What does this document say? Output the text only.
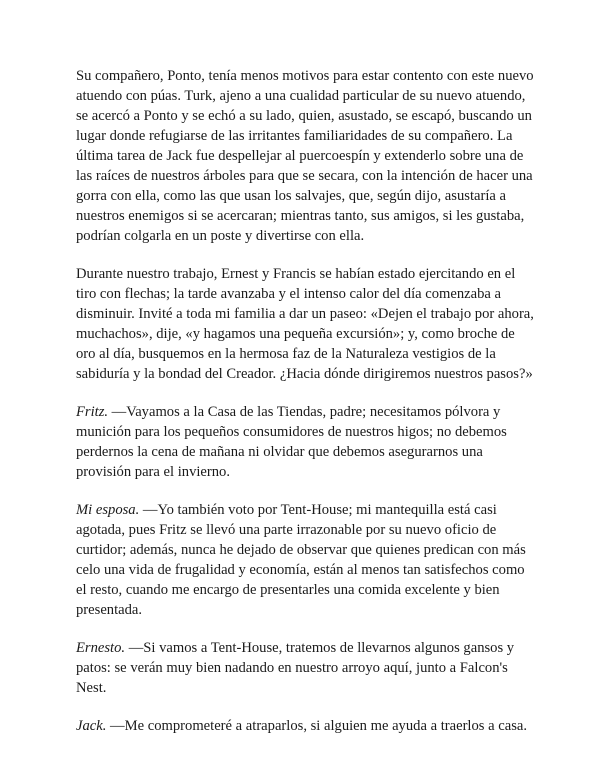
Su compañero, Ponto, tenía menos motivos para estar contento con este nuevo atuendo con púas. Turk, ajeno a una cualidad particular de su nuevo atuendo, se acercó a Ponto y se echó a su lado, quien, asustado, se escapó, buscando un lugar donde refugiarse de las irritantes familiaridades de su compañero. La última tarea de Jack fue despellejar al puercoespín y extenderlo sobre una de las raíces de nuestros árboles para que se secara, con la intención de hacer una gorra con ella, como las que usan los salvajes, que, según dijo, asustaría a nuestros enemigos si se acercaran; mientras tanto, sus amigos, si les gustaba, podrían colgarla en un poste y divertirse con ella.

Durante nuestro trabajo, Ernest y Francis se habían estado ejercitando en el tiro con flechas; la tarde avanzaba y el intenso calor del día comenzaba a disminuir. Invité a toda mi familia a dar un paseo: «Dejen el trabajo por ahora, muchachos», dije, «y hagamos una pequeña excursión»; y, como broche de oro al día, busquemos en la hermosa faz de la Naturaleza vestigios de la sabiduría y la bondad del Creador. ¿Hacia dónde dirigiremos nuestros pasos?»

Fritz. —Vayamos a la Casa de las Tiendas, padre; necesitamos pólvora y munición para los pequeños consumidores de nuestros higos; no debemos perdernos la cena de mañana ni olvidar que debemos asegurarnos una provisión para el invierno.

Mi esposa. —Yo también voto por Tent-House; mi mantequilla está casi agotada, pues Fritz se llevó una parte irrazonable por su nuevo oficio de curtidor; además, nunca he dejado de observar que quienes predican con más celo una vida de frugalidad y economía, están al menos tan satisfechos como el resto, cuando me encargo de presentarles una comida excelente y bien presentada.

Ernesto. —Si vamos a Tent-House, tratemos de llevarnos algunos gansos y patos: se verán muy bien nadando en nuestro arroyo aquí, junto a Falcon's Nest.

Jack. —Me comprometeré a atraparlos, si alguien me ayuda a traerlos a casa.
